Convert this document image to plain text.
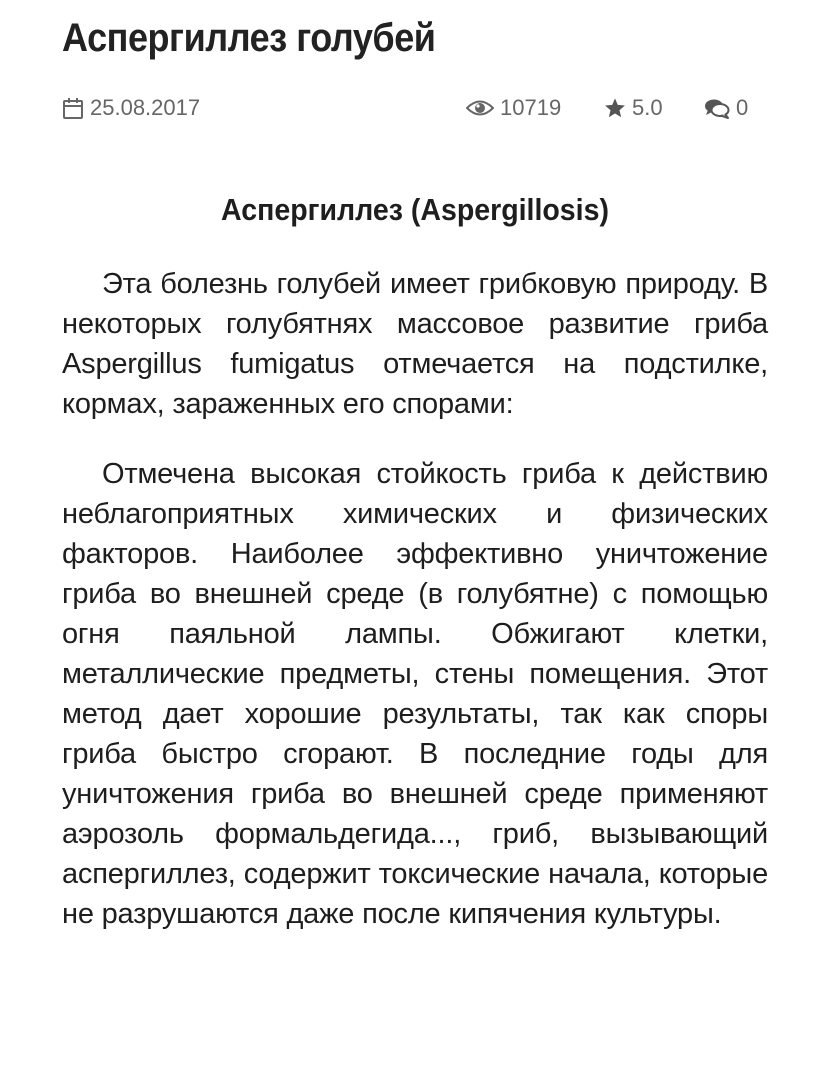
Аспергиллез голубей
25.08.2017	10719	5.0	0
Аспергиллез (Aspergillosis)

Эта болезнь голубей имеет грибковую природу. В некоторых голубятнях массовое развитие гриба Aspergillus fumigatus отмечается на подстилке, кормах, зараженных его спорами:

Отмечена высокая стойкость гриба к действию неблагоприятных химических и физических факторов. Наиболее эффективно уничтожение гриба во внешней среде (в голубятне) с помощью огня паяльной лампы. Обжигают клетки, металлические предметы, стены помещения. Этот метод дает хорошие результаты, так как споры гриба быстро сгорают. В последние годы для уничтожения гриба во внешней среде применяют аэрозоль формальдегида..., гриб, вызывающий аспергиллез, содержит токсические начала, которые не разрушаются даже после кипячения культуры.
